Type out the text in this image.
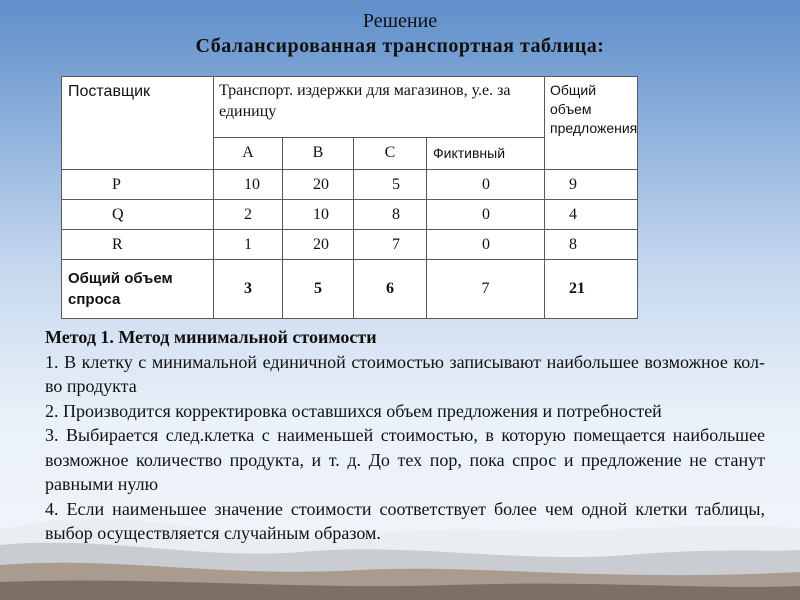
Решение
Сбалансированная транспортная таблица:
Поставщик	Транспорт. издержки для магазинов, у.е. за единицу				Общий объем предложения
	A	B	C	Фиктивный	
P	10	20	5	0	9
Q	2	10	8	0	4
R	1	20	7	0	8
Общий объем спроса	3	5	6	7	21

Метод 1. Метод минимальной стоимости

1. В клетку с минимальной единичной стоимостью записывают наибольшее возможное кол-во продукта

2. Производится корректировка оставшихся объем предложения и потребностей

3. Выбирается след.клетка с наименьшей стоимостью, в которую помещается наибольшее возможное количество продукта, и т. д. До тех пор, пока спрос и предложение не станут равными нулю

4. Если наименьшее значение стоимости соответствует более чем одной клетки таблицы, выбор осуществляется случайным образом.
